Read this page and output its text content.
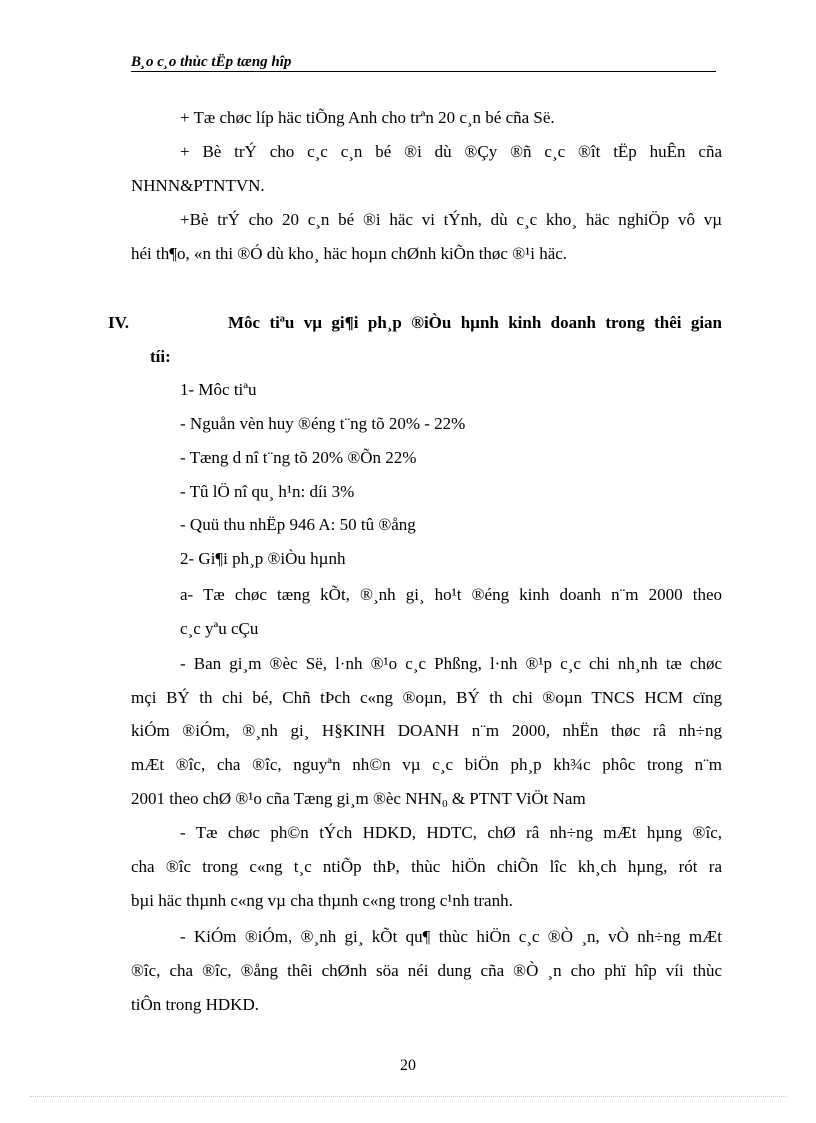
B¸o c¸o thùc tËp tæng hîp
+ Tæ chøc líp häc tiÕng Anh cho trªn 20 c¸n bé cña Së.
+ Bè trÝ cho c¸c c¸n bé ®i dù ®Çy ®ñ c¸c ®ît tËp huÊn cña
NHNN&PTNTVN.
+Bè trÝ cho 20 c¸n bé ®i häc vi tÝnh, dù c¸c kho¸ häc nghiÖp vô vµ
héi th¶o, «n thi ®Ó dù kho¸ häc hoµn chØnh kiÕn thøc ®¹i häc.
IV.	Môc tiªu vµ gi¶i ph¸p ®iÒu hµnh kinh doanh trong thêi gian
tíi:
1- Môc tiªu
- Nguån vèn huy ®éng t¨ng tõ 20% - 22%
- Tæng d nî t¨ng tõ 20% ®Õn 22%
- Tû lÖ nî qu¸ h¹n: díi 3%
- Quü thu nhËp 946 A: 50 tû ®ång
2- Gi¶i ph¸p ®iÒu hµnh
a- Tæ chøc tæng kÕt, ®¸nh gi¸ ho¹t ®éng kinh doanh n¨m 2000 theo
c¸c yªu cÇu
- Ban gi¸m ®èc Së, l·nh ®¹o c¸c Phßng, l·nh ®¹p c¸c chi nh¸nh tæ chøc
mçi BÝ th chi bé, Chñ tÞch c«ng ®oµn, BÝ th chi ®oµn TNCS HCM cïng
kiÓm ®iÓm, ®¸nh gi¸ H§KINH DOANH n¨m 2000, nhËn thøc râ nh÷ng
mÆt ®îc, cha ®îc, nguyªn nh©n vµ c¸c biÖn ph¸p kh¾c phôc trong n¨m
2001 theo chØ ®¹o cña Tæng gi¸m ®èc $NHN_0$ & PTNT ViÖt Nam
- Tæ chøc ph©n tÝch HDKD, HDTC, chØ râ nh÷ng mÆt hµng ®îc,
cha ®îc trong c«ng t¸c ntiÕp thÞ, thùc hiÖn chiÕn lîc kh¸ch hµng, rót ra
bµi häc thµnh c«ng vµ cha thµnh c«ng trong c¹nh tranh.
- KiÓm ®iÓm, ®¸nh gi¸ kÕt qu¶ thùc hiÖn c¸c ®Ò ¸n, vÒ nh÷ng mÆt
®îc, cha ®îc, ®ång thêi chØnh söa néi dung cña ®Ò ¸n cho phï hîp víi thùc
tiÔn trong HDKD.
20
